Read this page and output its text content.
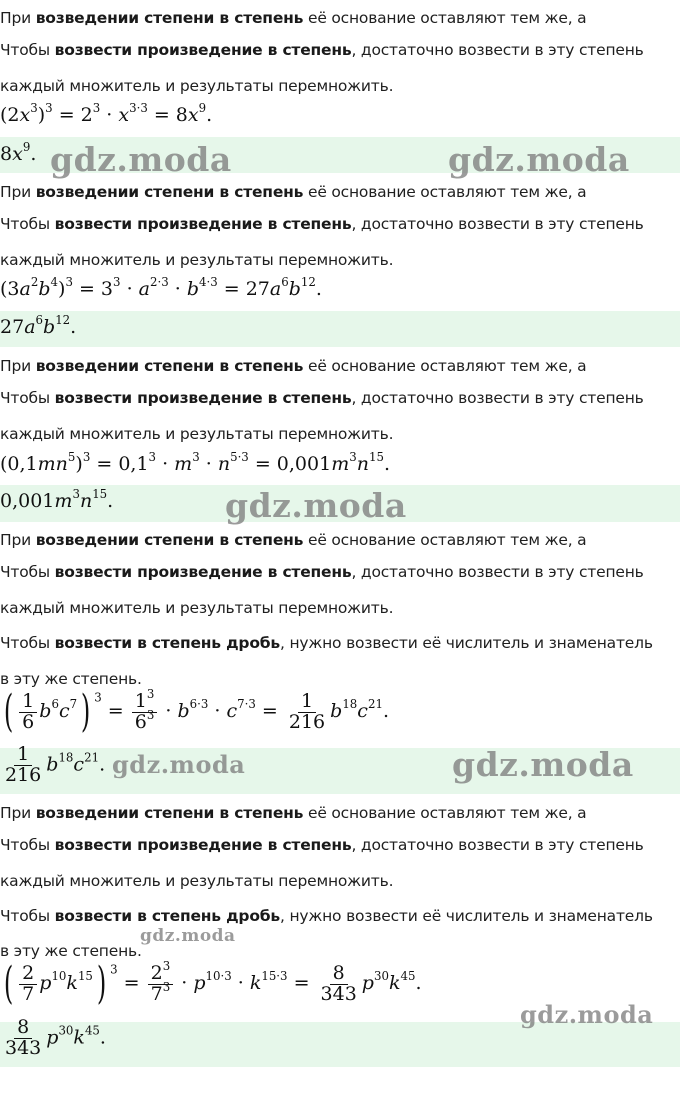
При возведении степени в степень её основание оставляют тем же, а
Чтобы возвести произведение в степень, достаточно возвести в эту степень
каждый множитель и результаты перемножить.
$(2x^3)^3 = 2^3 \cdot x^{3\cdot 3} = 8x^9$.
$8x^9$.
При возведении степени в степень её основание оставляют тем же, а
Чтобы возвести произведение в степень, достаточно возвести в эту степень
каждый множитель и результаты перемножить.
$(3a^2b^4)^3 = 3^3 \cdot a^{2\cdot 3} \cdot b^{4\cdot 3} = 27a^6b^{12}$.
$27a^6b^{12}$.
При возведении степени в степень её основание оставляют тем же, а
Чтобы возвести произведение в степень, достаточно возвести в эту степень
каждый множитель и результаты перемножить.
$(0,1mn^5)^3 = 0,1^3 \cdot m^3 \cdot n^{5\cdot 3} = 0,001m^3n^{15}$.
$0,001m^3n^{15}$.
При возведении степени в степень её основание оставляют тем же, а
Чтобы возвести произведение в степень, достаточно возвести в эту степень
каждый множитель и результаты перемножить.
Чтобы возвести в степень дробь, нужно возвести её числитель и знаменатель
в эту же степень.
( $\frac{1}{6} b^6c^7$) $^3 = \frac{1^3}{6^3} \cdot b^{6\cdot 3} \cdot c^{7\cdot 3} = \frac{1}{216} b^{18}c^{21}$.
$\frac{1}{216} b^{18}c^{21}$.
При возведении степени в степень её основание оставляют тем же, а
Чтобы возвести произведение в степень, достаточно возвести в эту степень
каждый множитель и результаты перемножить.
Чтобы возвести в степень дробь, нужно возвести её числитель и знаменатель
в эту же степень.
( $\frac{2}{7} p^{10}k^{15}$) $^3 = \frac{2^3}{7^3} \cdot p^{10\cdot 3} \cdot k^{15\cdot 3} = \frac{8}{343} p^{30}k^{45}$.
$\frac{8}{343} p^{30}k^{45}$.
gdz.moda	gdz.moda
gdz.moda
gdz.moda	gdz.moda
gdz.moda
gdz.moda
